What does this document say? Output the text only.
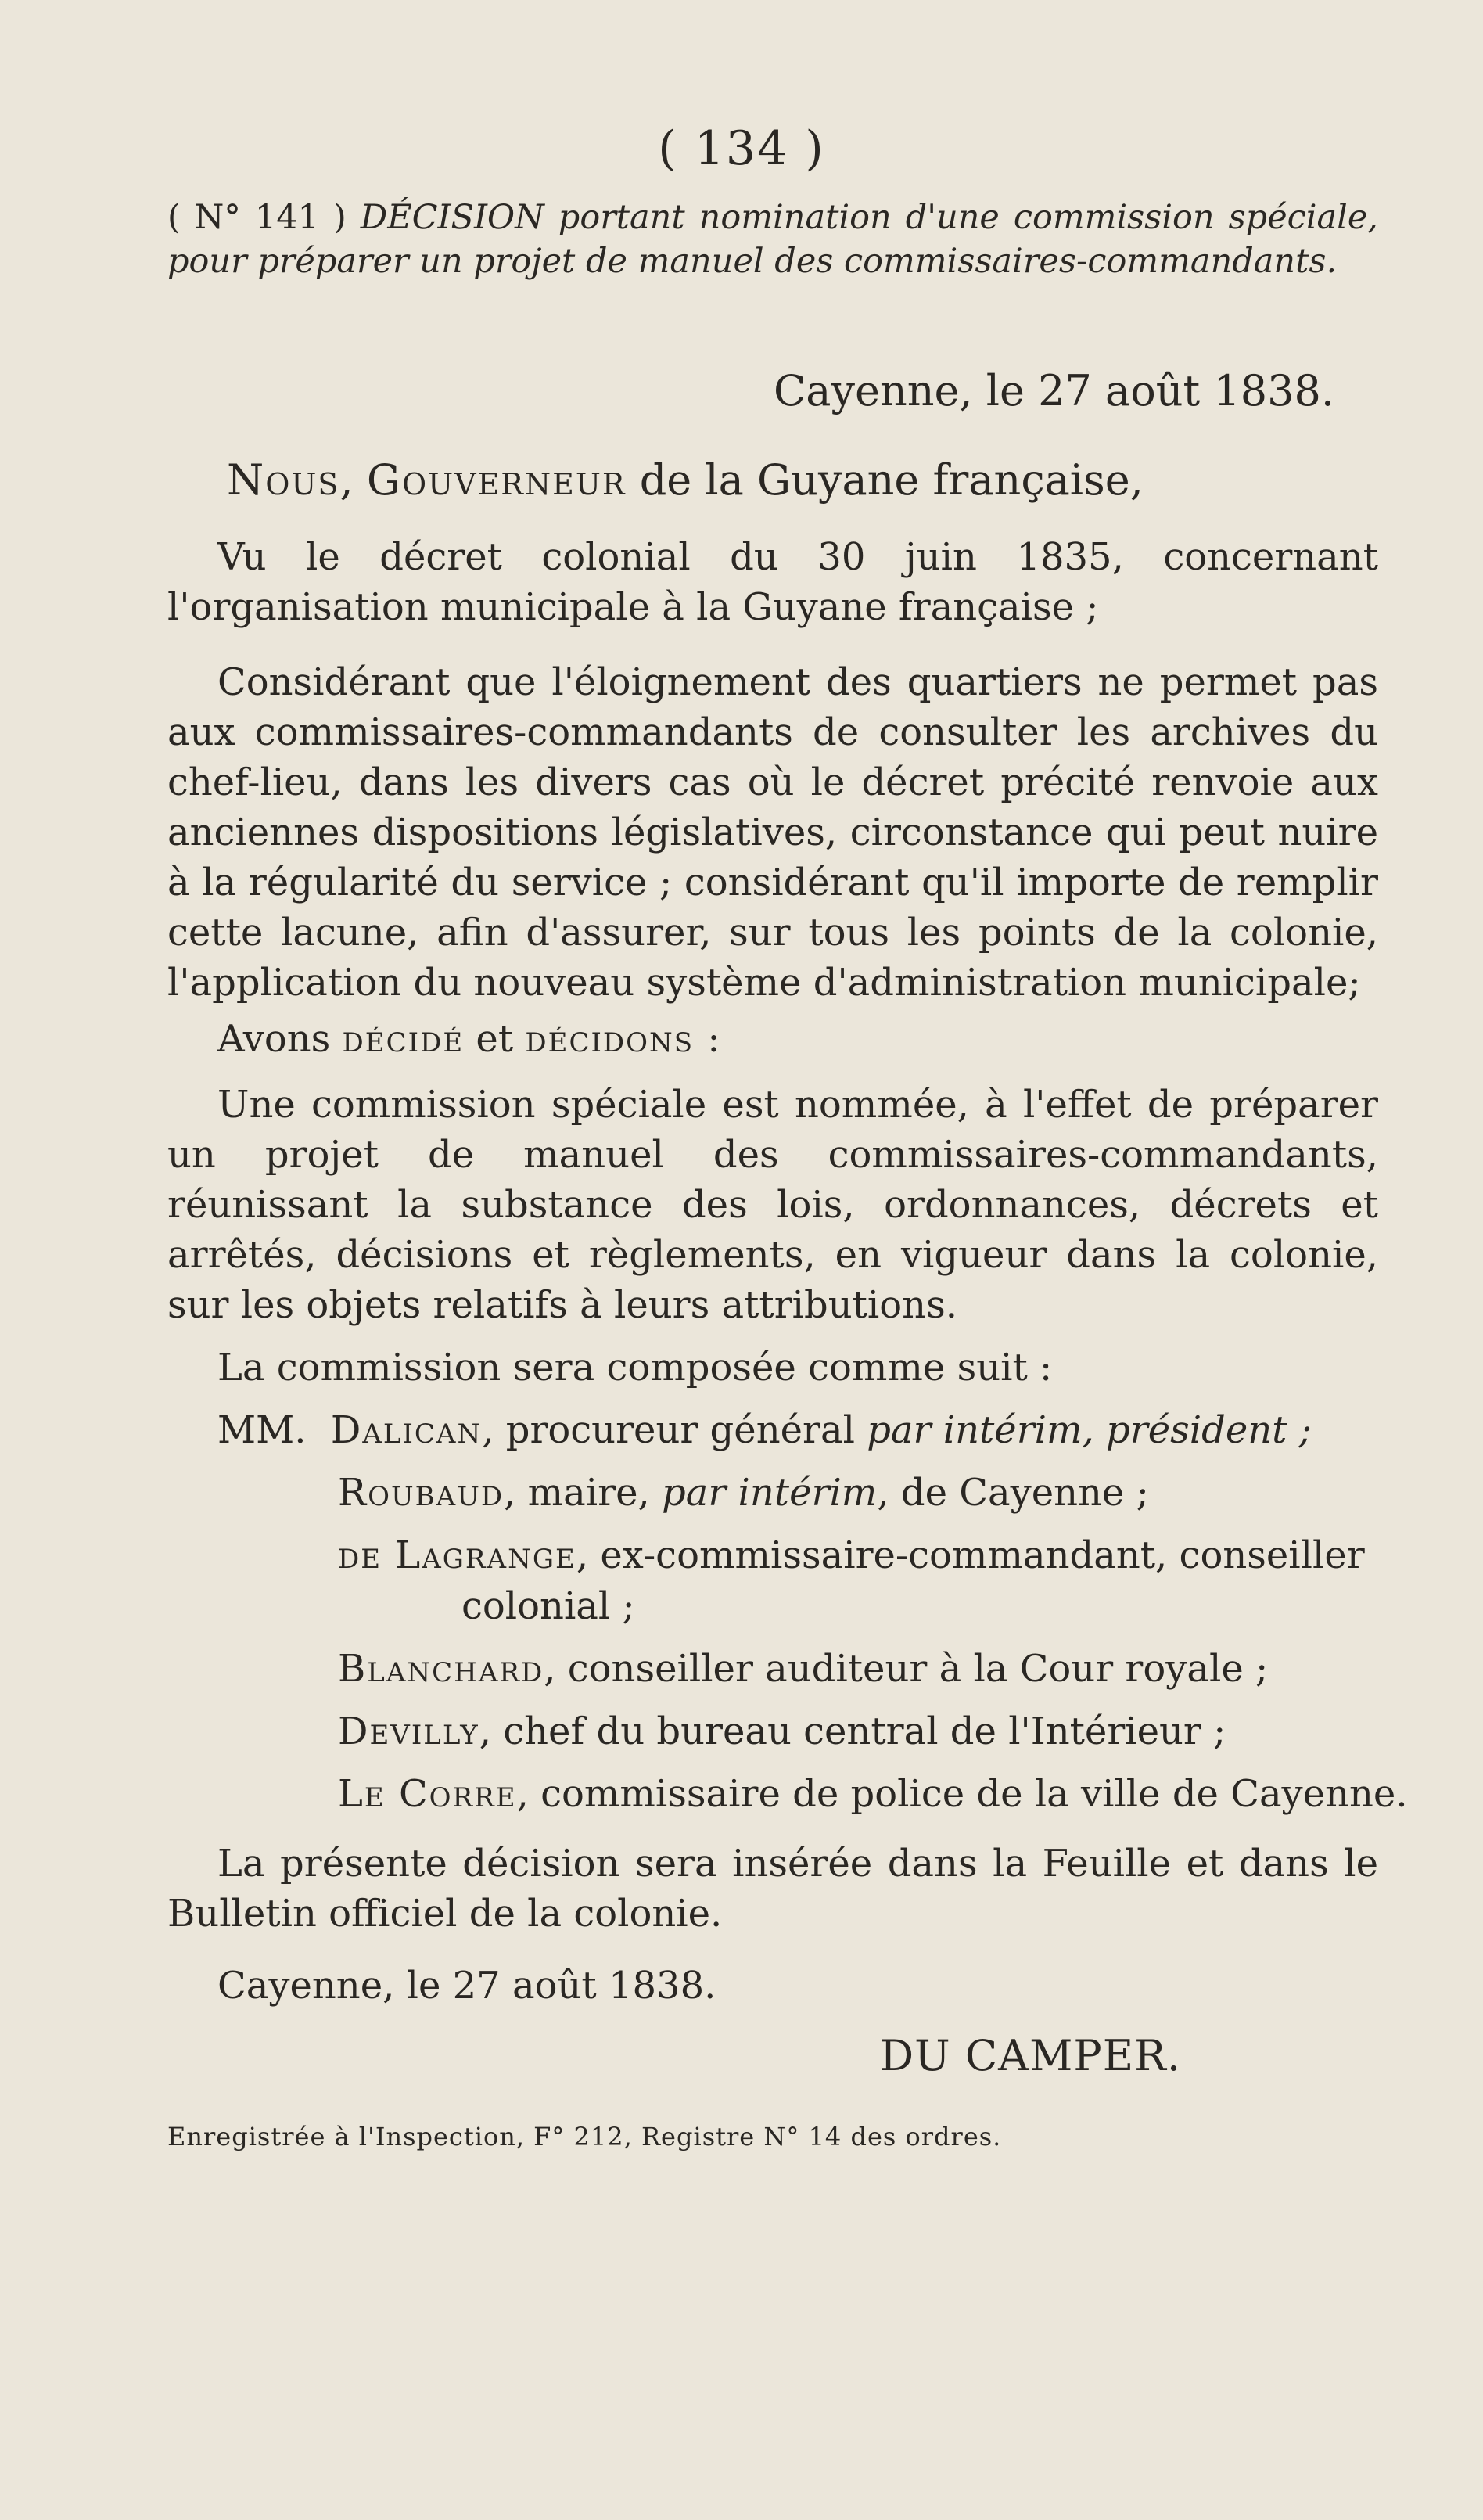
( 134 )
( N° 141 ) DÉCISION portant nomination d'une commission spéciale, pour préparer un projet de manuel des commissaires-commandants.
Cayenne, le 27 août 1838.
Nous, Gouverneur de la Guyane française,
Vu le décret colonial du 30 juin 1835, concernant l'organisation municipale à la Guyane française ;
Considérant que l'éloignement des quartiers ne permet pas aux commissaires-commandants de consulter les archives du chef-lieu, dans les divers cas où le décret précité renvoie aux anciennes dispositions législatives, circonstance qui peut nuire à la régularité du service ; considérant qu'il importe de remplir cette lacune, afin d'assurer, sur tous les points de la colonie, l'application du nouveau système d'administration municipale;
Avons décidé et décidons :
Une commission spéciale est nommée, à l'effet de préparer un projet de manuel des commissaires-commandants, réunissant la substance des lois, ordonnances, décrets et arrêtés, décisions et règlements, en vigueur dans la colonie, sur les objets relatifs à leurs attributions.
La commission sera composée comme suit :
MM. Dalican, procureur général par intérim, président ;
Roubaud, maire, par intérim, de Cayenne ;
de Lagrange, ex-commissaire-commandant, conseiller
colonial ;
Blanchard, conseiller auditeur à la Cour royale ;
Devilly, chef du bureau central de l'Intérieur ;
Le Corre, commissaire de police de la ville de Cayenne.
La présente décision sera insérée dans la Feuille et dans le Bulletin officiel de la colonie.
Cayenne, le 27 août 1838.
DU CAMPER.
Enregistrée à l'Inspection, F° 212, Registre N° 14 des ordres.
